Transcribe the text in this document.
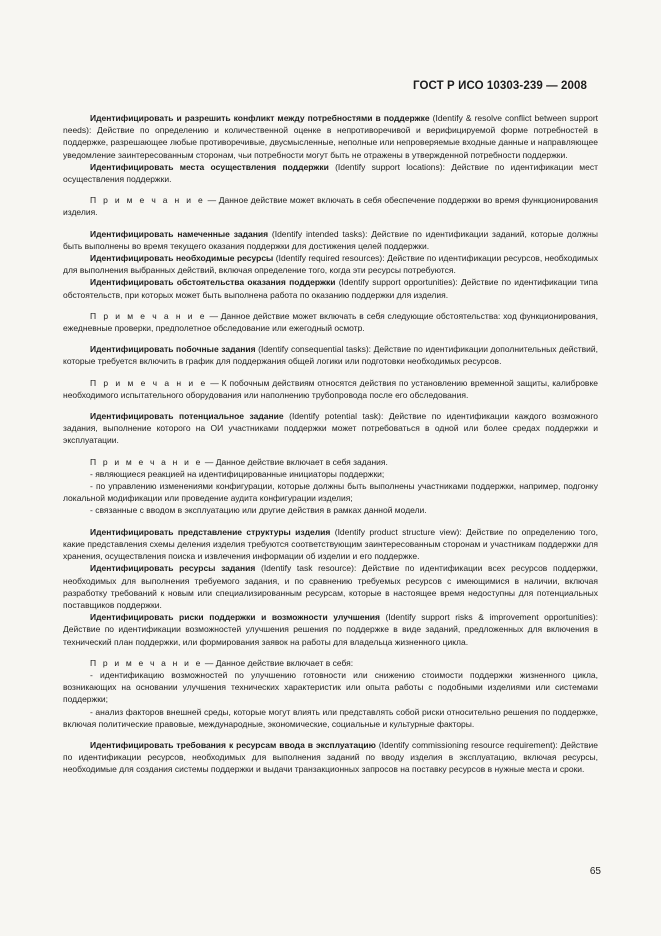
ГОСТ Р ИСО 10303-239 — 2008

Идентифицировать и разрешить конфликт между потребностями в поддержке (Identify & resolve conflict between support needs): Действие по определению и количественной оценке в непротиворечивой и верифицируемой форме потребностей в поддержке, разрешающее любые противоречивые, двусмысленные, неполные или непроверяемые входные данные и направляющее уведомление заинтересованным сторонам, чьи потребности могут быть не отражены в утвержденной потребности поддержки.

Идентифицировать места осуществления поддержки (Identify support locations): Действие по идентификации мест осуществления поддержки.

П р и м е ч а н и е — Данное действие может включать в себя обеспечение поддержки во время функционирования изделия.

Идентифицировать намеченные задания (Identify intended tasks): Действие по идентификации заданий, которые должны быть выполнены во время текущего оказания поддержки для достижения целей поддержки.

Идентифицировать необходимые ресурсы (Identify required resources): Действие по идентификации ресурсов, необходимых для выполнения выбранных действий, включая определение того, когда эти ресурсы потребуются.

Идентифицировать обстоятельства оказания поддержки (Identify support opportunities): Действие по идентификации типа обстоятельств, при которых может быть выполнена работа по оказанию поддержки для изделия.

П р и м е ч а н и е — Данное действие может включать в себя следующие обстоятельства: ход функционирования, ежедневные проверки, предполетное обследование или ежегодный осмотр.

Идентифицировать побочные задания (Identify consequential tasks): Действие по идентификации дополнительных действий, которые требуется включить в график для поддержания общей логики или подготовки необходимых ресурсов.

П р и м е ч а н и е — К побочным действиям относятся действия по установлению временной защиты, калибровке необходимого испытательного оборудования или наполнению трубопровода после его обследования.

Идентифицировать потенциальное задание (Identify potential task): Действие по идентификации каждого возможного задания, выполнение которого на ОИ участниками поддержки может потребоваться в одной или более средах поддержки и эксплуатации.

П р и м е ч а н и е — Данное действие включает в себя задания.

- являющиеся реакцией на идентифицированные инициаторы поддержки;

- по управлению изменениями конфигурации, которые должны быть выполнены участниками поддержки, например, подгонку локальной модификации или проведение аудита конфигурации изделия;

- связанные с вводом в эксплуатацию или другие действия в рамках данной модели.

Идентифицировать представление структуры изделия (Identify product structure view): Действие по определению того, какие представления схемы деления изделия требуются соответствующим заинтересованным сторонам и участникам поддержки для хранения, осуществления поиска и извлечения информации об изделии и его поддержке.

Идентифицировать ресурсы задания (Identify task resource): Действие по идентификации всех ресурсов поддержки, необходимых для выполнения требуемого задания, и по сравнению требуемых ресурсов с имеющимися в наличии, включая разработку требований к новым или специализированным ресурсам, которые в настоящее время недоступны для потенциальных поставщиков поддержки.

Идентифицировать риски поддержки и возможности улучшения (Identify support risks & improvement opportunities): Действие по идентификации возможностей улучшения решения по поддержке в виде заданий, предложенных для включения в технический план поддержки, или формирования заявок на работы для владельца жизненного цикла.

П р и м е ч а н и е — Данное действие включает в себя:

- идентификацию возможностей по улучшению готовности или снижению стоимости поддержки жизненного цикла, возникающих на основании улучшения технических характеристик или опыта работы с подобными изделиями или системами поддержки;

- анализ факторов внешней среды, которые могут влиять или представлять собой риски относительно решения по поддержке, включая политические правовые, международные, экономические, социальные и культурные факторы.

Идентифицировать требования к ресурсам ввода в эксплуатацию (Identify commissioning resource requirement): Действие по идентификации ресурсов, необходимых для выполнения заданий по вводу изделия в эксплуатацию, включая ресурсы, необходимые для создания системы поддержки и выдачи транзакционных запросов на поставку ресурсов в нужные места и сроки.

65
